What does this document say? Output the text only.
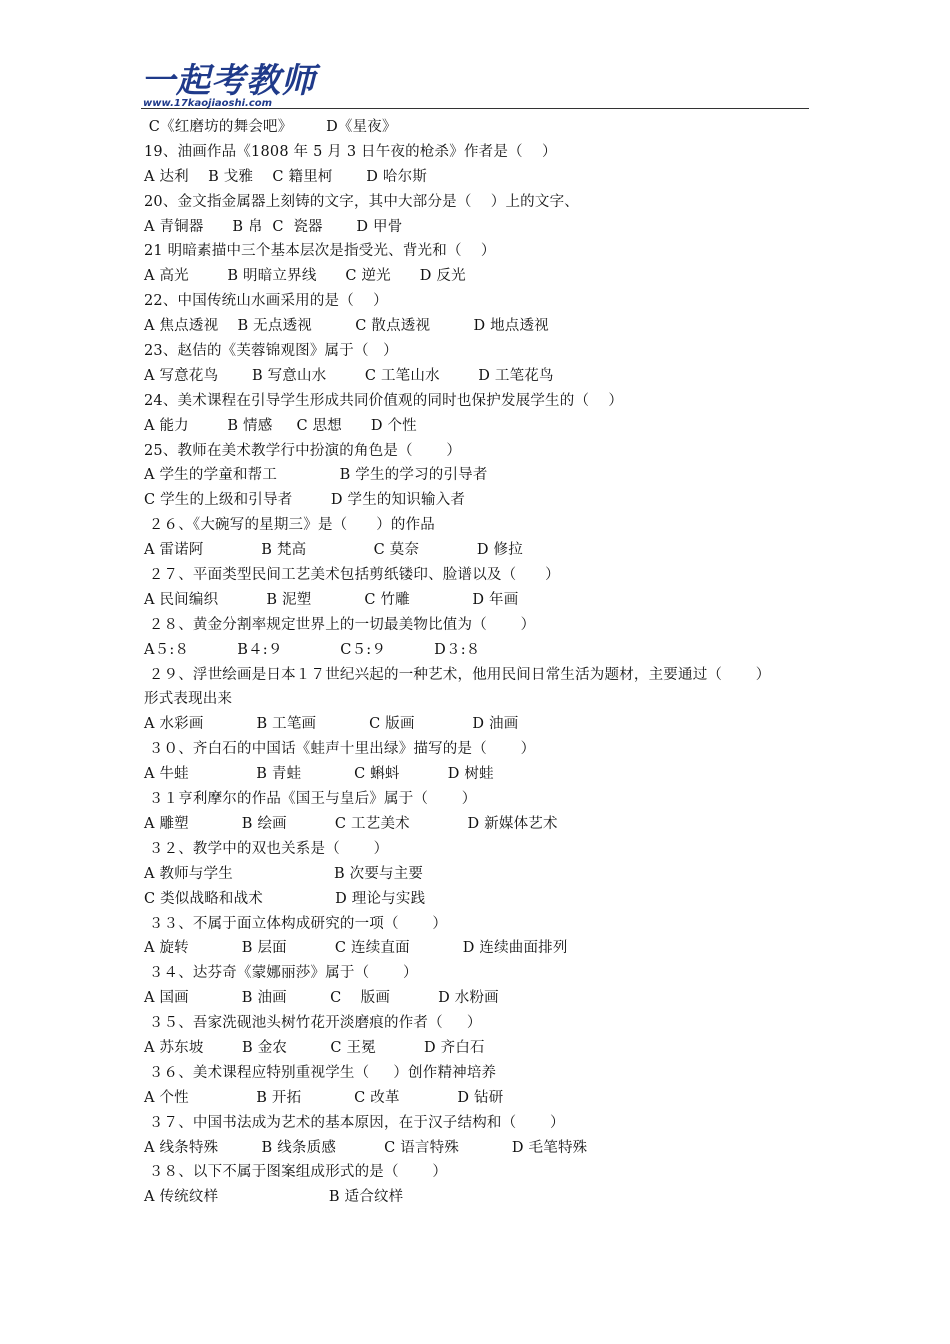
一起考教师
www.17kaojiaoshi.com
C《红磨坊的舞会吧》       D《星夜》
19、油画作品《1808 年 5 月 3 日午夜的枪杀》作者是（    ）
A 达利    B 戈雅    C 籍里柯       D 哈尔斯
20、金文指金属器上刻铸的文字，其中大部分是（    ）上的文字、
A 青铜器      B 帛  C  瓷器       D 甲骨
21 明暗素描中三个基本层次是指受光、背光和（    ）
A 高光        B 明暗立界线      C 逆光      D 反光
22、中国传统山水画采用的是（    ）
A 焦点透视    B 无点透视         C 散点透视         D 地点透视
23、赵佶的《芙蓉锦观图》属于（   ）
A 写意花鸟       B 写意山水        C 工笔山水        D 工笔花鸟
24、美术课程在引导学生形成共同价值观的同时也保护发展学生的（    ）
A 能力        B 情感     C 思想      D 个性
25、教师在美术教学行中扮演的角色是（       ）
A 学生的学童和帮工             B 学生的学习的引导者
C 学生的上级和引导者        D 学生的知识输入者
２６、《大碗写的星期三》是（      ）的作品
A 雷诺阿            B 梵高              C 莫奈            D 修拉
２７、平面类型民间工艺美术包括剪纸镂印、脸谱以及（      ）
A 民间编织          B 泥塑           C 竹雕             D 年画
２８、黄金分割率规定世界上的一切最美物比值为（       ）
A５:８          B４:９            C５:９          D３:８
２９、浮世绘画是日本１７世纪兴起的一种艺术，他用民间日常生活为题材，主要通过（       ）
形式表现出来
A 水彩画           B 工笔画           C 版画            D 油画
３０、齐白石的中国话《蛙声十里出绿》描写的是（       ）
A 牛蛙              B 青蛙           C 蝌蚪          D 树蛙
３１亨利摩尔的作品《国王与皇后》属于（       ）
A 雕塑           B 绘画          C 工艺美术            D 新媒体艺术
３２、教学中的双也关系是（       ）
A 教师与学生                     B 次要与主要
C 类似战略和战术               D 理论与实践
３３、不属于面立体构成研究的一项（       ）
A 旋转           B 层面          C 连续直面           D 连续曲面排列
３４、达芬奇《蒙娜丽莎》属于（       ）
A 国画           B 油画         C    版画          D 水粉画
３５、吾家洗砚池头树竹花开淡磨痕的作者（     ）
A 苏东坡        B 金农         C 王冕          D 齐白石
３６、美术课程应特别重视学生（     ）创作精神培养
A 个性              B 开拓           C 改革            D 钻研
３７、中国书法成为艺术的基本原因，在于汉子结构和（       ）
A 线条特殊         B 线条质感          C 语言特殊           D 毛笔特殊
３８、以下不属于图案组成形式的是（       ）
A 传统纹样                       B 适合纹样
